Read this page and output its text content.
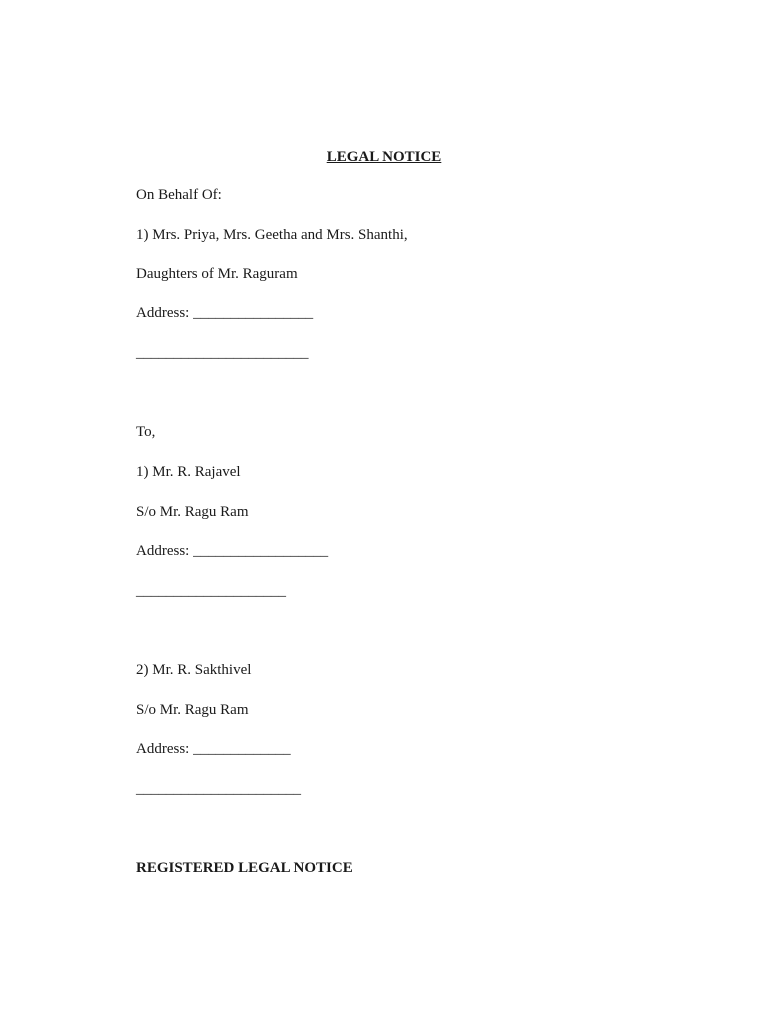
LEGAL NOTICE
On Behalf Of:
1) Mrs. Priya, Mrs. Geetha and Mrs. Shanthi,
Daughters of Mr. Raguram
Address: ________________
_______________________
To,
1) Mr. R. Rajavel
S/o Mr. Ragu Ram
Address: __________________
____________________
2) Mr. R. Sakthivel
S/o Mr. Ragu Ram
Address: _____________
______________________
REGISTERED LEGAL NOTICE
